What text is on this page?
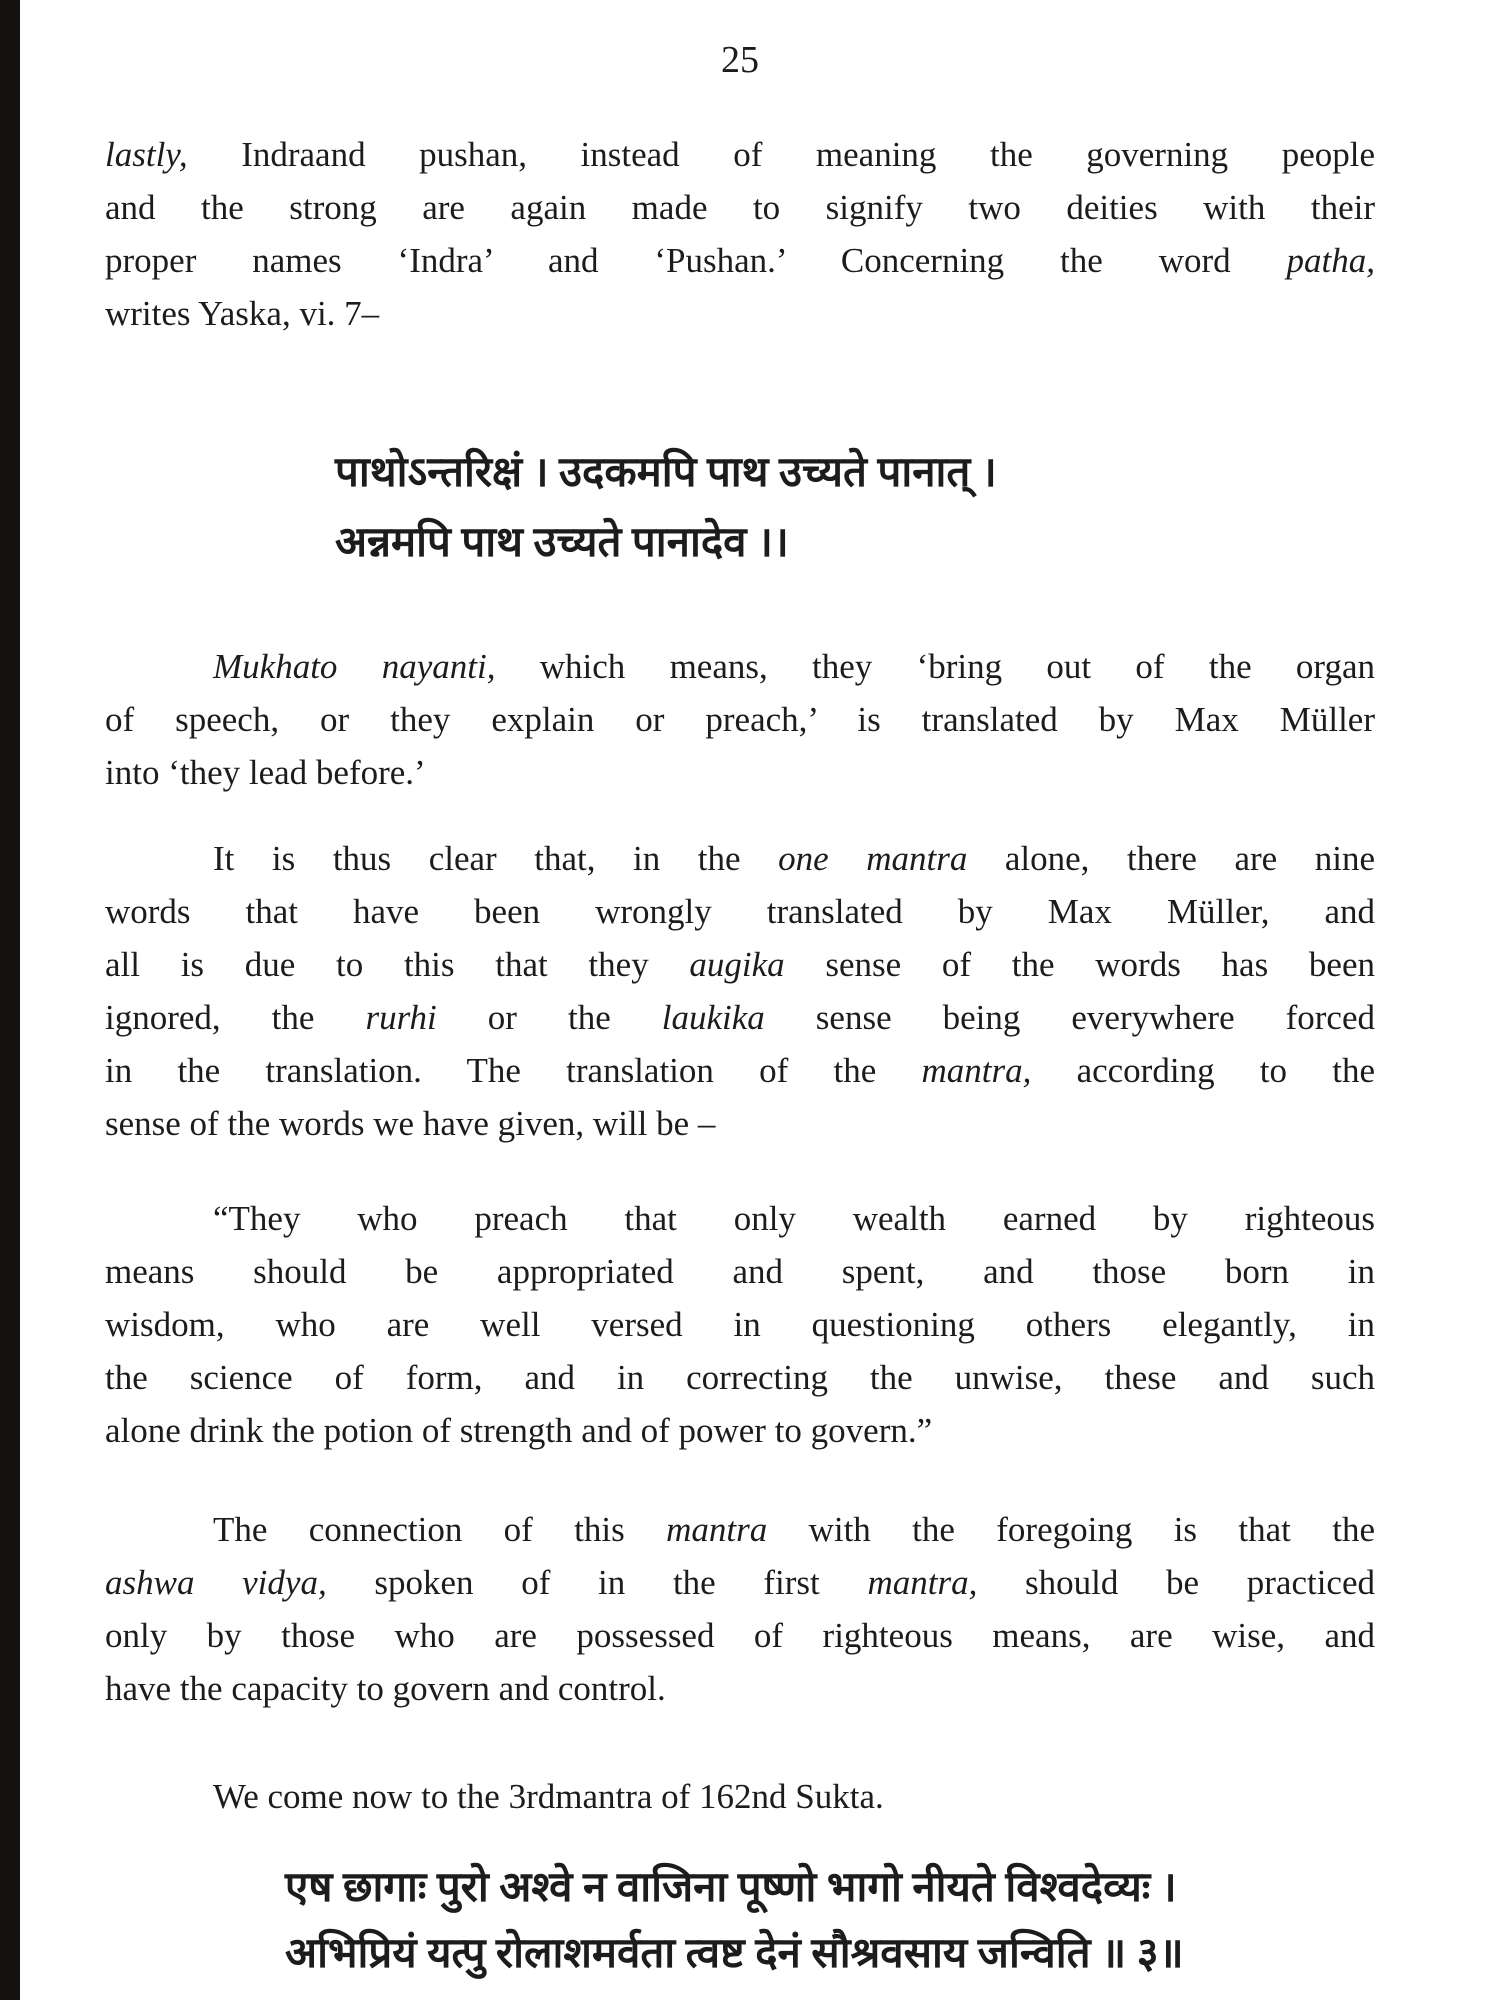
25
lastly, Indraand pushan, instead of meaning the governing people
and the strong are again made to signify two deities with their
proper names ‘Indra’ and ‘Pushan.’ Concerning the word patha,
writes Yaska, vi. 7–
पाथोऽन्तरिक्षं । उदकमपि पाथ उच्यते पानात् ।
अन्नमपि पाथ उच्यते पानादेव ।।
Mukhato nayanti, which means, they ‘bring out of the organ
of speech, or they explain or preach,’ is translated by Max Müller
into ‘they lead before.’
It is thus clear that, in the one mantra alone, there are nine
words that have been wrongly translated by Max Müller, and
all is due to this that they augika sense of the words has been
ignored, the rurhi or the laukika sense being everywhere forced
in the translation. The translation of the mantra, according to the
sense of the words we have given, will be –
“They who preach that only wealth earned by righteous
means should be appropriated and spent, and those born in
wisdom, who are well versed in questioning others elegantly, in
the science of form, and in correcting the unwise, these and such
alone drink the potion of strength and of power to govern.”
The connection of this mantra with the foregoing is that the
ashwa vidya, spoken of in the first mantra, should be practiced
only by those who are possessed of righteous means, are wise, and
have the capacity to govern and control.
We come now to the 3rdmantra of 162nd Sukta.
एष छागाः पुरो अश्वे न वाजिना पूष्णो भागो नीयते विश्वदेव्यः ।
अभिप्रियं यत्पु रोलाशमर्वता त्वष्ट देनं सौश्रवसाय जन्विति ॥ ३॥
